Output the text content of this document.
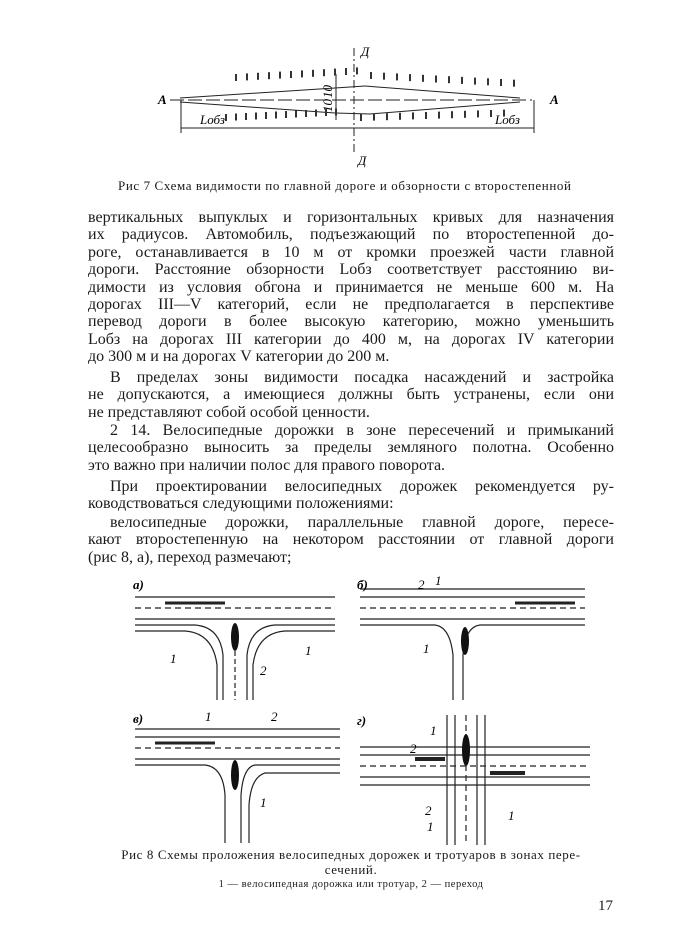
Д
Д
А	А
Lобз	Lобз
10
10
Рис 7 Схема видимости по главной дороге и обзорности с второстепенной
вертикальных выпуклых и горизонтальных кривых для назначения
их радиусов. Автомобиль, подъезжающий по второстепенной до-
роге, останавливается в 10 м от кромки проезжей части главной
дороги. Расстояние обзорности Lобз соответствует расстоянию ви-
димости из условия обгона и принимается не меньше 600 м. На
дорогах III—V категорий, если не предполагается в перспективе
перевод дороги в более высокую категорию, можно уменьшить
Lобз на дорогах III категории до 400 м, на дорогах IV категории
до 300 м и на дорогах V категории до 200 м.
В пределах зоны видимости посадка насаждений и застройка
не допускаются, а имеющиеся должны быть устранены, если они
не представляют собой особой ценности.
2 14. Велосипедные дорожки в зоне пересечений и примыканий
целесообразно выносить за пределы земляного полотна. Особенно
это важно при наличии полос для правого поворота.
При проектировании велосипедных дорожек рекомендуется ру-
ководствоваться следующими положениями:
велосипедные дорожки, параллельные главной дороге, пересе-
кают второстепенную на некотором расстоянии от главной дороги
(рис 8, а), переход размечают;
а)
1
1
2
б)	2 1
1
в)	1	2
1
г)
1
2
2
1
1
Рис 8 Схемы проложения велосипедных дорожек и тротуаров в зонах пере-
сечений.
1 — велосипедная дорожка или тротуар, 2 — переход
17
